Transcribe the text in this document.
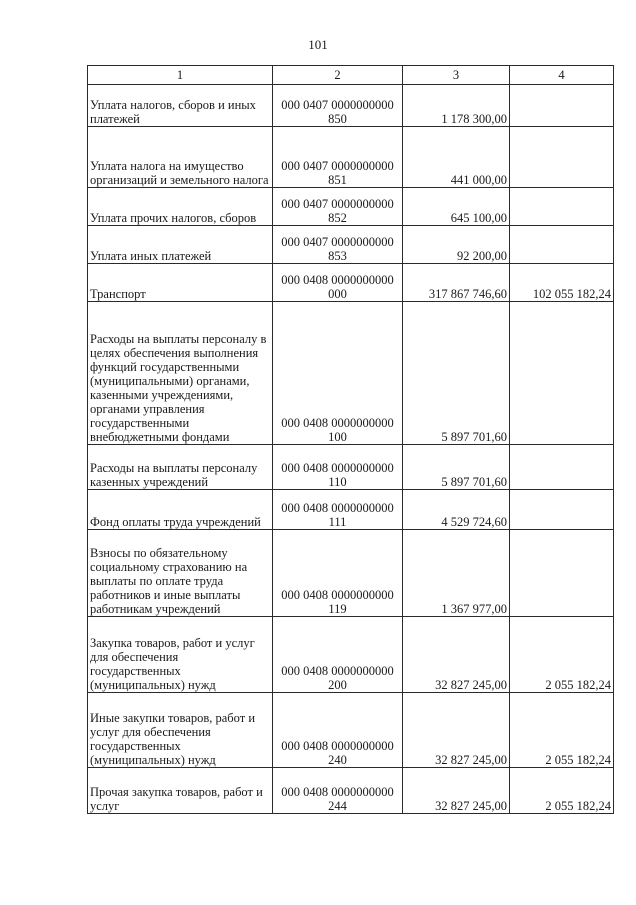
101
1	2	3	4
Уплата налогов, сборов и иных платежей	000 0407 0000000000 850	1 178 300,00	
Уплата налога на имущество организаций и земельного налога	000 0407 0000000000 851	441 000,00	
Уплата прочих налогов, сборов	000 0407 0000000000 852	645 100,00	
Уплата иных платежей	000 0407 0000000000 853	92 200,00	
Транспорт	000 0408 0000000000 000	317 867 746,60	102 055 182,24
Расходы на выплаты персоналу в целях обеспечения выполнения функций государственными (муниципальными) органами, казенными учреждениями, органами управления государственными внебюджетными фондами	000 0408 0000000000 100	5 897 701,60	
Расходы на выплаты персоналу казенных учреждений	000 0408 0000000000 110	5 897 701,60	
Фонд оплаты труда учреждений	000 0408 0000000000 111	4 529 724,60	
Взносы по обязательному социальному страхованию на выплаты по оплате труда работников и иные выплаты работникам учреждений	000 0408 0000000000 119	1 367 977,00	
Закупка товаров, работ и услуг для обеспечения государственных (муниципальных) нужд	000 0408 0000000000 200	32 827 245,00	2 055 182,24
Иные закупки товаров, работ и услуг для обеспечения государственных (муниципальных) нужд	000 0408 0000000000 240	32 827 245,00	2 055 182,24
Прочая закупка товаров, работ и услуг	000 0408 0000000000 244	32 827 245,00	2 055 182,24
